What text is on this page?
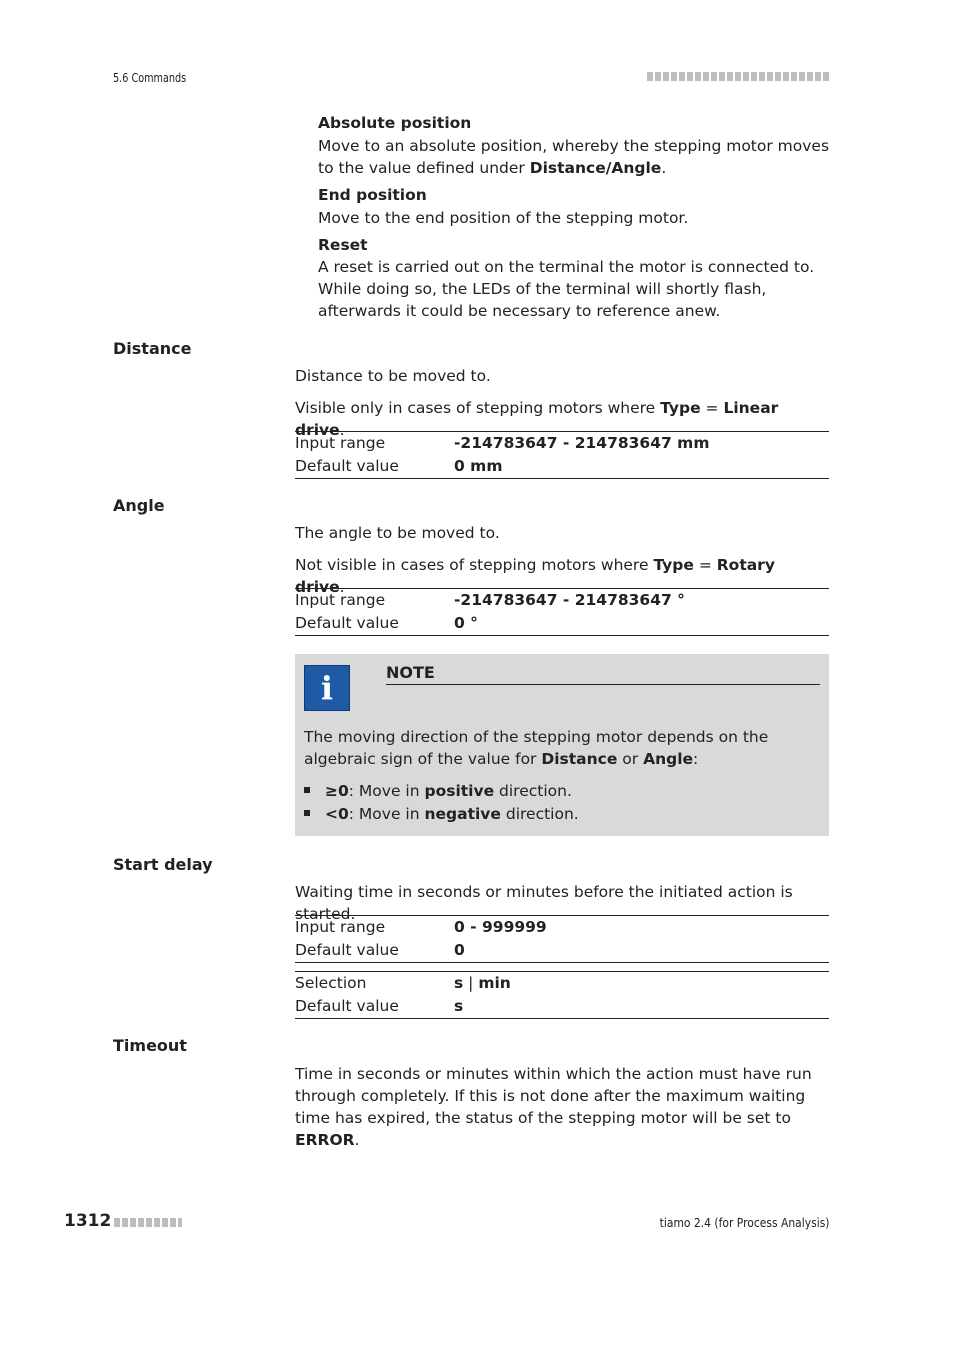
5.6 Commands
Absolute position
Move to an absolute position, whereby the stepping motor moves to the value defined under Distance/Angle.
End position
Move to the end position of the stepping motor.
Reset
A reset is carried out on the terminal the motor is connected to. While doing so, the LEDs of the terminal will shortly flash, afterwards it could be necessary to reference anew.
Distance
Distance to be moved to.
Visible only in cases of stepping motors where Type = Linear drive.
Input range	-214783647 - 214783647 mm
Default value	0 mm
Angle
The angle to be moved to.
Not visible in cases of stepping motors where Type = Rotary drive.
Input range	-214783647 - 214783647 °
Default value	0 °
i	NOTE
The moving direction of the stepping motor depends on the algebraic sign of the value for Distance or Angle:
≥0: Move in positive direction.
<0: Move in negative direction.
Start delay
Waiting time in seconds or minutes before the initiated action is started.
Input range	0 - 999999
Default value	0
Selection	s | min
Default value	s
Timeout
Time in seconds or minutes within which the action must have run through completely. If this is not done after the maximum waiting time has expired, the status of the stepping motor will be set to ERROR.
1312	tiamo 2.4 (for Process Analysis)
